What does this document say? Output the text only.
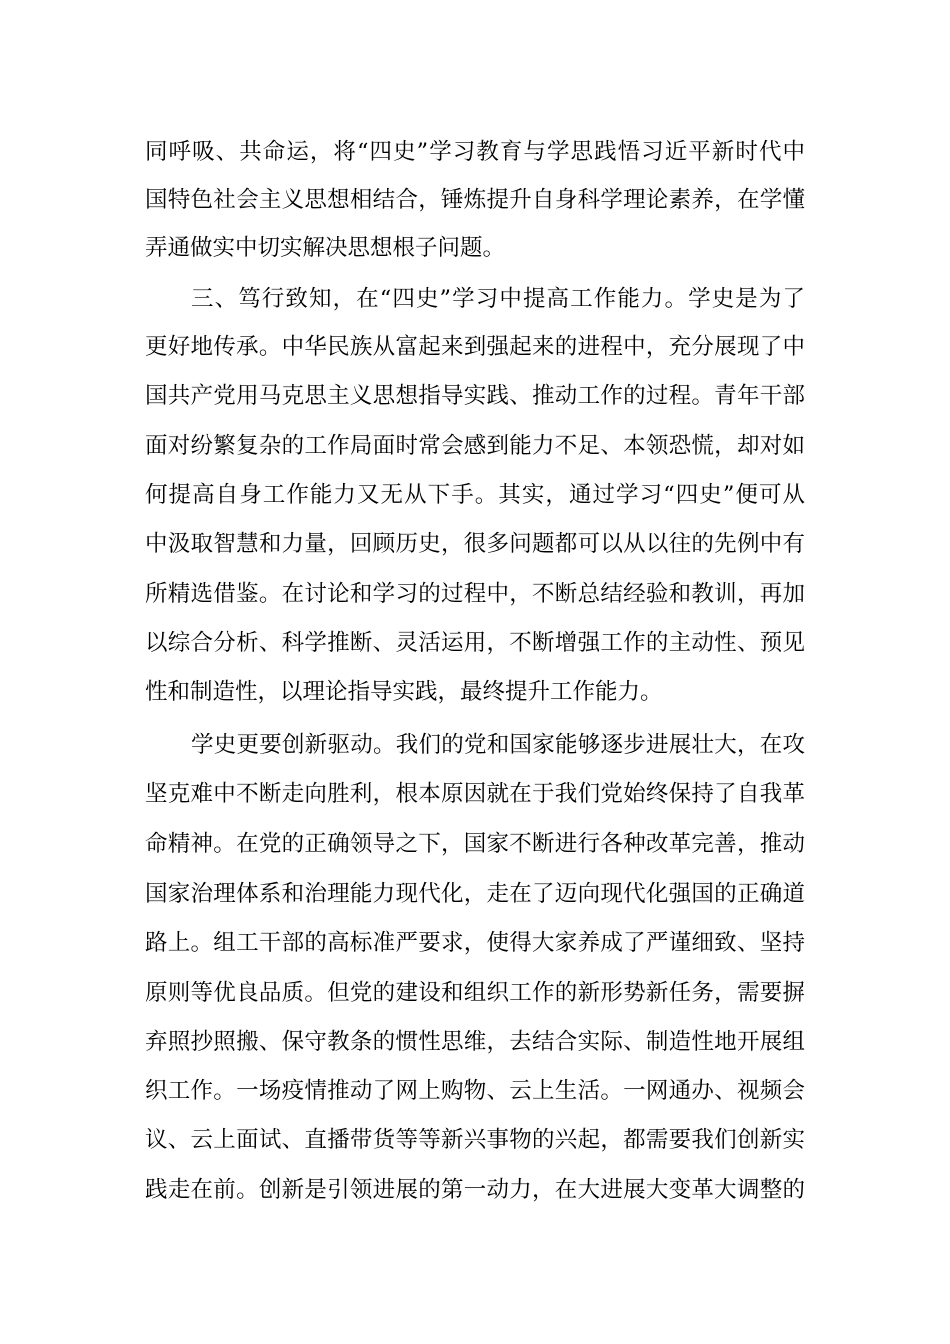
同呼吸、共命运，将“四史”学习教育与学思践悟习近平新时代中
国特色社会主义思想相结合，锤炼提升自身科学理论素养，在学懂
弄通做实中切实解决思想根子问题。
三、笃行致知，在“四史”学习中提高工作能力。学史是为了
更好地传承。中华民族从富起来到强起来的进程中，充分展现了中
国共产党用马克思主义思想指导实践、推动工作的过程。青年干部
面对纷繁复杂的工作局面时常会感到能力不足、本领恐慌，却对如
何提高自身工作能力又无从下手。其实，通过学习“四史”便可从
中汲取智慧和力量，回顾历史，很多问题都可以从以往的先例中有
所精选借鉴。在讨论和学习的过程中，不断总结经验和教训，再加
以综合分析、科学推断、灵活运用，不断增强工作的主动性、预见
性和制造性，以理论指导实践，最终提升工作能力。
学史更要创新驱动。我们的党和国家能够逐步进展壮大，在攻
坚克难中不断走向胜利，根本原因就在于我们党始终保持了自我革
命精神。在党的正确领导之下，国家不断进行各种改革完善，推动
国家治理体系和治理能力现代化，走在了迈向现代化强国的正确道
路上。组工干部的高标准严要求，使得大家养成了严谨细致、坚持
原则等优良品质。但党的建设和组织工作的新形势新任务，需要摒
弃照抄照搬、保守教条的惯性思维，去结合实际、制造性地开展组
织工作。一场疫情推动了网上购物、云上生活。一网通办、视频会
议、云上面试、直播带货等等新兴事物的兴起，都需要我们创新实
践走在前。创新是引领进展的第一动力，在大进展大变革大调整的
